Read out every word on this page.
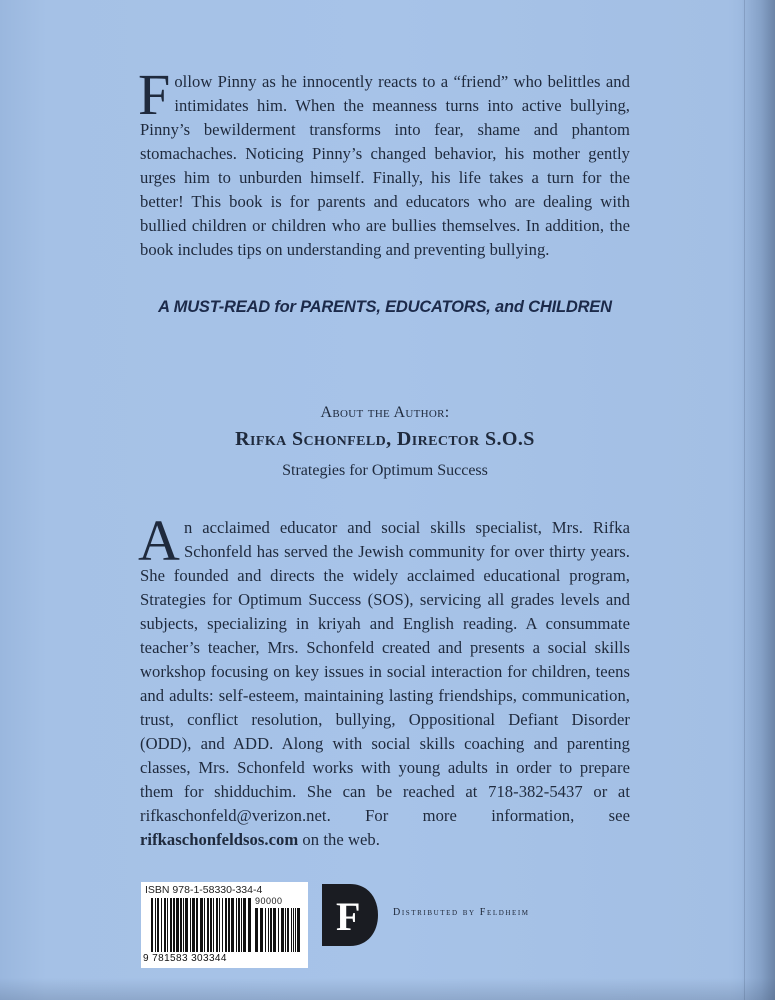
Follow Pinny as he innocently reacts to a “friend” who belittles and intimidates him. When the meanness turns into active bullying, Pinny’s bewilderment transforms into fear, shame and phantom stomachaches. Noticing Pinny’s changed behavior, his mother gently urges him to unburden himself. Finally, his life takes a turn for the better! This book is for parents and educators who are dealing with bullied children or children who are bullies themselves. In addition, the book includes tips on understanding and preventing bullying.
A MUST-READ for PARENTS, EDUCATORS, and CHILDREN
About the Author:
Rifka Schonfeld, Director S.O.S
Strategies for Optimum Success
An acclaimed educator and social skills specialist, Mrs. Rifka Schonfeld has served the Jewish community for over thirty years. She founded and directs the widely acclaimed educational program, Strategies for Optimum Success (SOS), servicing all grades levels and subjects, specializing in kriyah and English reading. A consummate teacher’s teacher, Mrs. Schonfeld created and presents a social skills workshop focusing on key issues in social interaction for children, teens and adults: self-esteem, maintaining lasting friendships, communication, trust, conflict resolution, bullying, Oppositional Defiant Disorder (ODD), and ADD. Along with social skills coaching and parenting classes, Mrs. Schonfeld works with young adults in order to prepare them for shidduchim. She can be reached at 718-382-5437 or at rifkaschonfeld@verizon.net. For more information, see rifkaschonfeldsos.com on the web.
ISBN 978-1-58330-334-4
90000
9 781583 303344
F	Distributed by Feldheim
